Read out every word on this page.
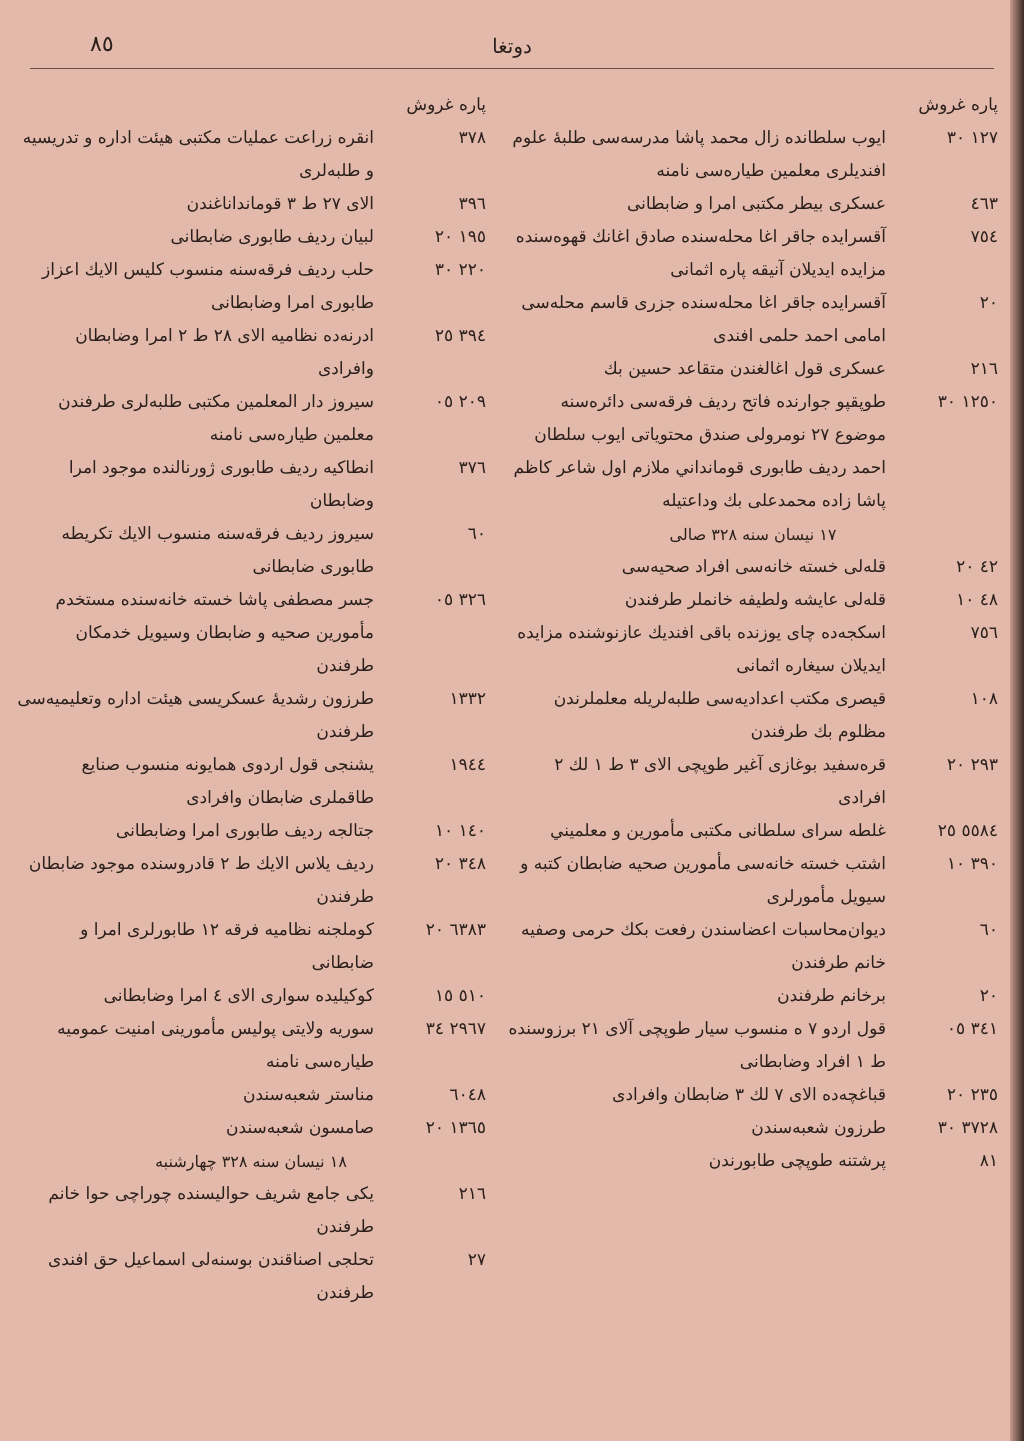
٨٥	دوتغا
پاره غروش
١٢٧ ٣٠
ايوب سلطانده زال محمد پاشا مدرسه‌سی طلبهٔ علوم افنديلری معلمين طياره‌سی نامنه
٤٦٣
عسكری بيطر مكتبی امرا و ضابطانی
٧٥٤
آقسرايده جاقر اغا محله‌سنده صادق اغانك قهوه‌سنده مزايده ايديلان آنيقه پاره اثمانی
٢٠
آقسرايده جاقر اغا محله‌سنده جزری قاسم محله‌سی امامی احمد حلمی افندی
٢١٦
عسكری قول اغالغندن متقاعد حسين بك
١٢٥٠ ٣٠
طوپقپو جوارنده فاتح رديف فرقه‌سی دائره‌سنه موضوع ٢٧ نومرولی صندق محتوياتی ايوب سلطان احمد رديف طابوری قومانداني ملازم اول شاعر كاظم پاشا زاده محمدعلی بك وداعتيله
١٧ نيسان سنه ٣٢٨ صالی
٤٢ ٢٠
قله‌لی خسته خانه‌سی افراد صحيه‌سی
٤٨ ١٠
قله‌لی عايشه ولطيفه خانملر طرفندن
٧٥٦
اسكجه‌ده چای يوزنده باقی افنديك عازنوشنده مزايده ايديلان سيغاره اثمانی
١٠٨
قيصری مكتب اعدادیه‌سی طلبه‌لريله معلملرندن مظلوم بك طرفندن
٢٩٣ ٢٠
قره‌سفيد بوغازی آغير طوپچی الای ٣ ط ١ لك ٢ افرادی
٥٥٨٤ ٢٥
غلطه سرای سلطانی مكتبی مأمورين و معلميني
٣٩٠ ١٠
اشتب خسته خانه‌سی مأمورين صحيه ضابطان كتبه و سيويل مأمورلری
٦٠
ديوان‌محاسبات اعضاسندن رفعت بكك حرمی وصفيه خانم طرفندن
٢٠
برخانم طرفندن
٣٤١ ٠٥
قول اردو ٧ ه منسوب سيار طوپچی آلای ٢١ برزوسنده ط ١ افراد وضابطانی
٢٣٥ ٢٠
قباغچه‌ده الای ٧ لك ٣ ضابطان وافرادی
٣٧٢٨ ٣٠
طرزون شعبه‌سندن
٨١
پرشتنه طوپچی طابورندن
پاره غروش
٣٧٨
انقره زراعت عمليات مكتبی هيئت اداره و تدريسيه و طلبه‌لری
٣٩٦
الای ٢٧ ط ٣ قومانداناغندن
١٩٥ ٢٠
لبيان رديف طابوری ضابطانی
٢٢٠ ٣٠
حلب رديف فرقه‌سنه منسوب كليس الايك اعزاز طابوری امرا وضابطانی
٣٩٤ ٢٥
ادرنه‌ده نظاميه الای ٢٨ ط ٢ امرا وضابطان وافرادی
٢٠٩ ٠٥
سيروز دار المعلمين مكتبی طلبه‌لری طرفندن معلمين طياره‌سی نامنه
٣٧٦
انطاكيه رديف طابوری ژورنالنده موجود امرا وضابطان
٦٠
سيروز رديف فرقه‌سنه منسوب الايك تكريطه طابوری ضابطانی
٣٢٦ ٠٥
جسر مصطفى پاشا خسته خانه‌سنده مستخدم مأمورين صحيه و ضابطان وسيويل خدمكان طرفندن
١٣٣٢
طرزون رشديهٔ عسكريسی هيئت اداره وتعليميه‌سی طرفندن
١٩٤٤
يشنجی قول اردوی همايونه منسوب صنايع طاقملری ضابطان وافرادی
١٤٠ ١٠
جتالجه رديف طابوری امرا وضابطانی
٣٤٨ ٢٠
رديف يلاس الايك ط ٢ قادروسنده موجود ضابطان طرفندن
٦٣٨٣ ٢٠
كوملجنه نظاميه فرقه ١٢ طابورلری امرا و ضابطانی
٥١٠ ١٥
كوكيليده سواری الای ٤ امرا وضابطانی
٢٩٦٧ ٣٤
سوريه ولايتی پوليس مأمورينی امنيت عموميه طياره‌سی نامنه
٦٠٤٨
مناستر شعبه‌سندن
١٣٦٥ ٢٠
صامسون شعبه‌سندن
١٨ نيسان سنه ٣٢٨ چهارشنبه
٢١٦
يكی جامع شريف حواليسنده چوراچی حوا خانم طرفندن
٢٧
تحلجی اصناقندن بوسنه‌لی اسماعيل حق افندی طرفندن
